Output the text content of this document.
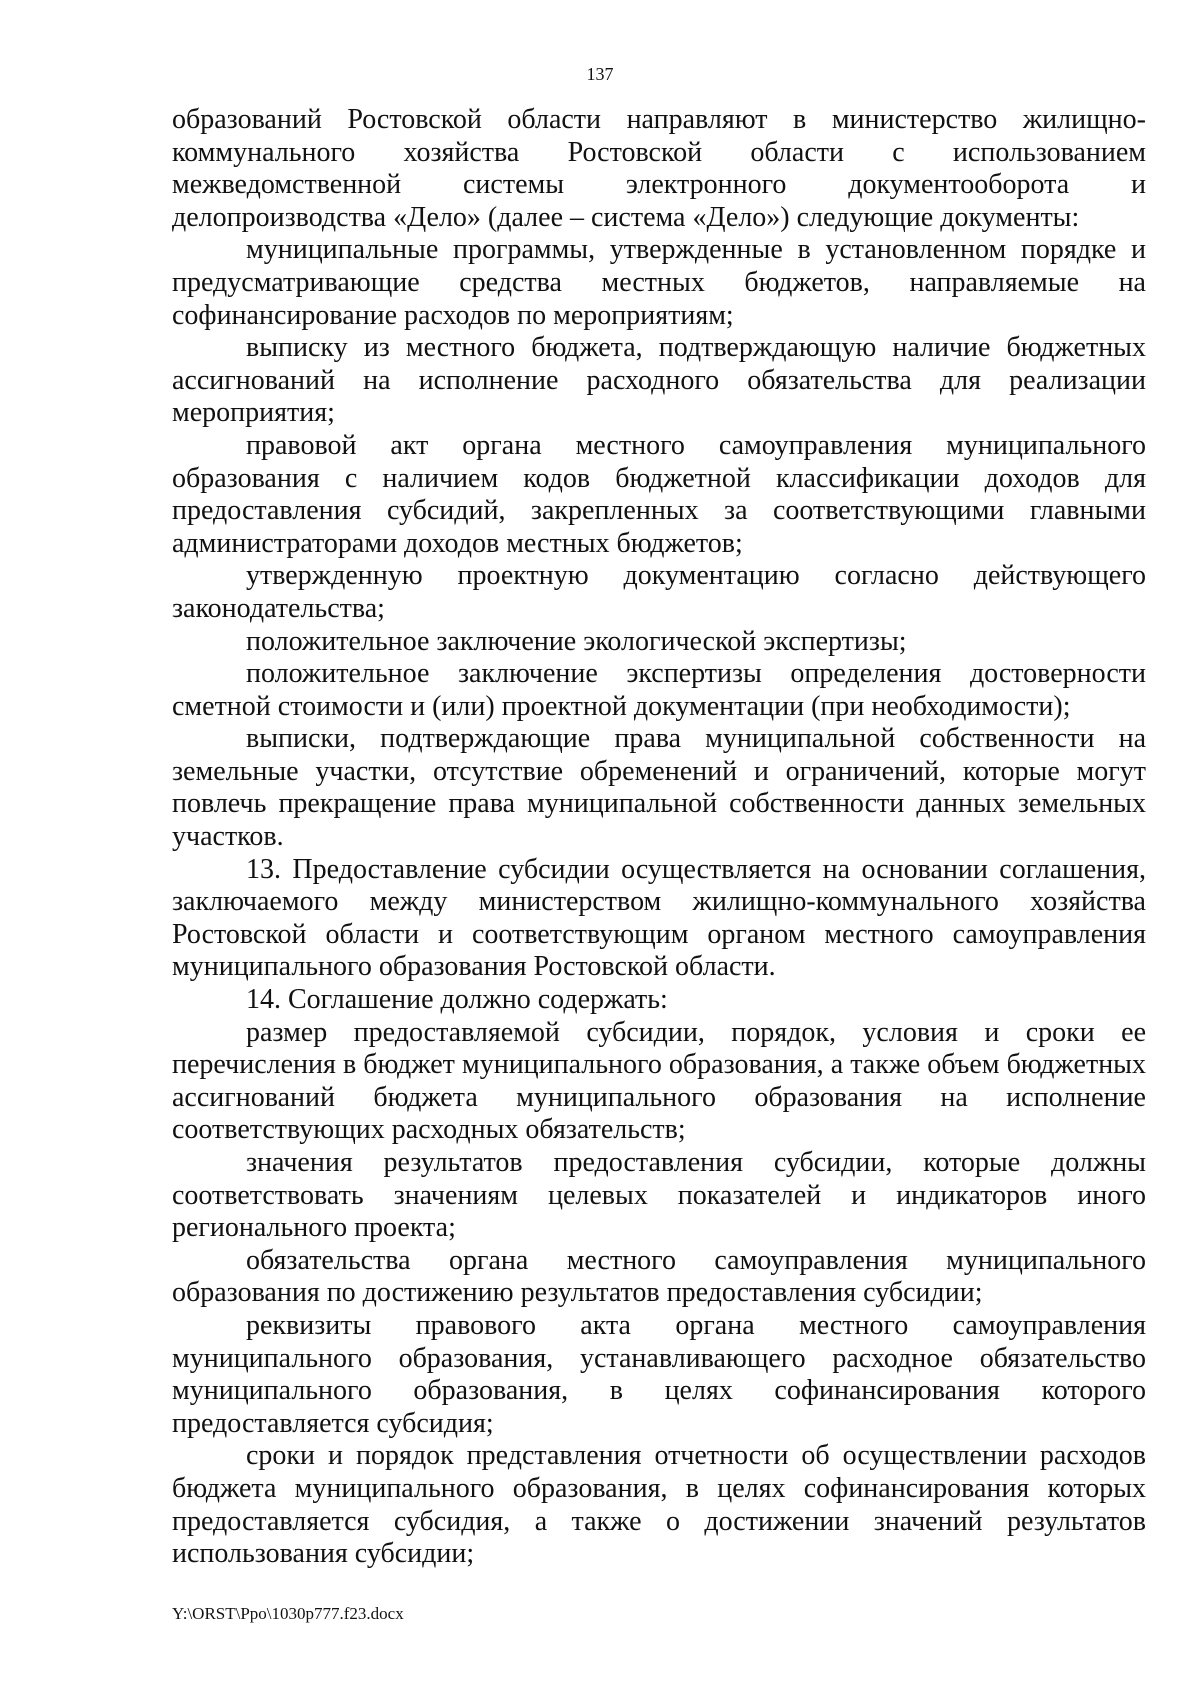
137

образований Ростовской области направляют в министерство жилищно-коммунального хозяйства Ростовской области с использованием межведомственной системы электронного документооборота и делопроизводства «Дело» (далее – система «Дело») следующие документы:

муниципальные программы, утвержденные в установленном порядке и предусматривающие средства местных бюджетов, направляемые на софинансирование расходов по мероприятиям;

выписку из местного бюджета, подтверждающую наличие бюджетных ассигнований на исполнение расходного обязательства для реализации мероприятия;

правовой акт органа местного самоуправления муниципального образования с наличием кодов бюджетной классификации доходов для предоставления субсидий, закрепленных за соответствующими главными администраторами доходов местных бюджетов;

утвержденную проектную документацию согласно действующего законодательства;

положительное заключение экологической экспертизы;

положительное заключение экспертизы определения достоверности сметной стоимости и (или) проектной документации (при необходимости);

выписки, подтверждающие права муниципальной собственности на земельные участки, отсутствие обременений и ограничений, которые могут повлечь прекращение права муниципальной собственности данных земельных участков.

13. Предоставление субсидии осуществляется на основании соглашения, заключаемого между министерством жилищно-коммунального хозяйства Ростовской области и соответствующим органом местного самоуправления муниципального образования Ростовской области.

14. Соглашение должно содержать:

размер предоставляемой субсидии, порядок, условия и сроки ее перечисления в бюджет муниципального образования, а также объем бюджетных ассигнований бюджета муниципального образования на исполнение соответствующих расходных обязательств;

значения результатов предоставления субсидии, которые должны соответствовать значениям целевых показателей и индикаторов иного регионального проекта;

обязательства органа местного самоуправления муниципального образования по достижению результатов предоставления субсидии;

реквизиты правового акта органа местного самоуправления муниципального образования, устанавливающего расходное обязательство муниципального образования, в целях софинансирования которого предоставляется субсидия;

сроки и порядок представления отчетности об осуществлении расходов бюджета муниципального образования, в целях софинансирования которых предоставляется субсидия, а также о достижении значений результатов использования субсидии;

Y:\ORST\Ppo\1030p777.f23.docx
